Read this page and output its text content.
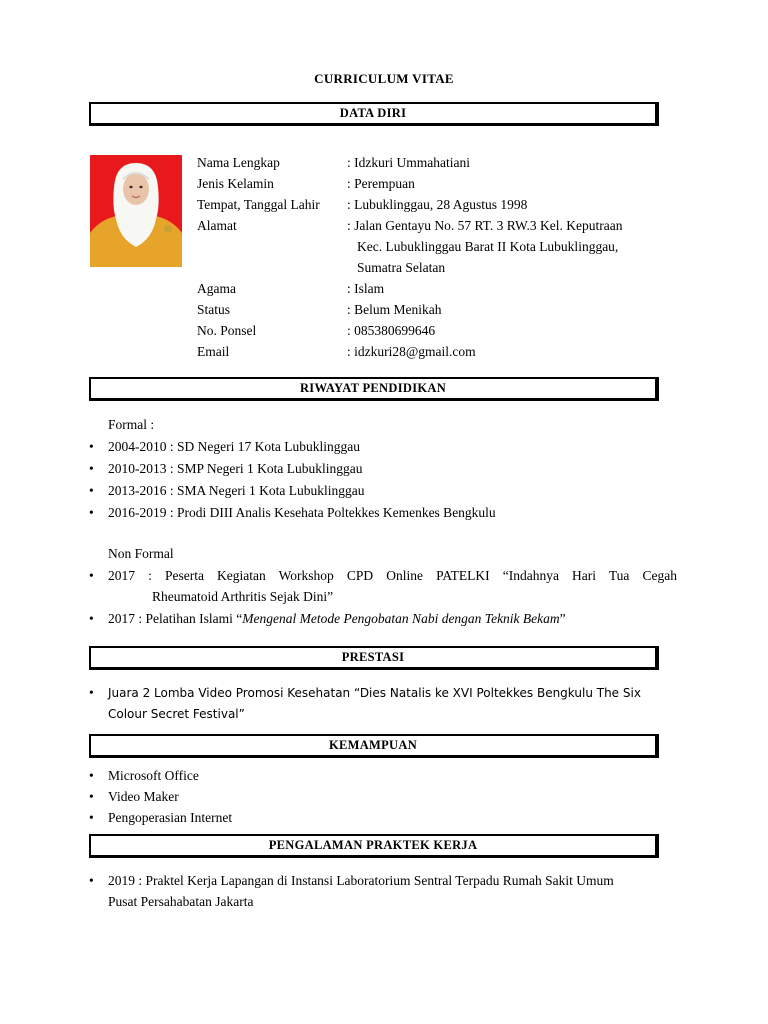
CURRICULUM VITAE
DATA DIRI
Nama Lengkap	: Idzkuri Ummahatiani
Jenis Kelamin	: Perempuan
Tempat, Tanggal Lahir : Lubuklinggau, 28 Agustus 1998
Alamat	: Jalan Gentayu No. 57 RT. 3 RW.3 Kel. Keputraan
Kec. Lubuklinggau Barat II Kota Lubuklinggau,
Sumatra Selatan
Agama	: Islam
Status	: Belum Menikah
No. Ponsel	: 085380699646
Email	: idzkuri28@gmail.com
RIWAYAT PENDIDIKAN
Formal :
• 2004-2010 : SD Negeri 17 Kota Lubuklinggau
• 2010-2013 : SMP Negeri 1 Kota Lubuklinggau
• 2013-2016 : SMA Negeri 1 Kota Lubuklinggau
• 2016-2019 : Prodi DIII Analis Kesehata Poltekkes Kemenkes Bengkulu
Non Formal
• 2017 : Peserta Kegiatan Workshop CPD Online PATELKI “Indahnya Hari Tua Cegah
Rheumatoid Arthritis Sejak Dini”
• 2017 : Pelatihan Islami “Mengenal Metode Pengobatan Nabi dengan Teknik Bekam”
PRESTASI
• Juara 2 Lomba Video Promosi Kesehatan “Dies Natalis ke XVI Poltekkes Bengkulu The Six
Colour Secret Festival”
KEMAMPUAN
• Microsoft Office
• Video Maker
• Pengoperasian Internet
PENGALAMAN PRAKTEK KERJA
• 2019 : Praktel Kerja Lapangan di Instansi Laboratorium Sentral Terpadu Rumah Sakit Umum
Pusat Persahabatan Jakarta
